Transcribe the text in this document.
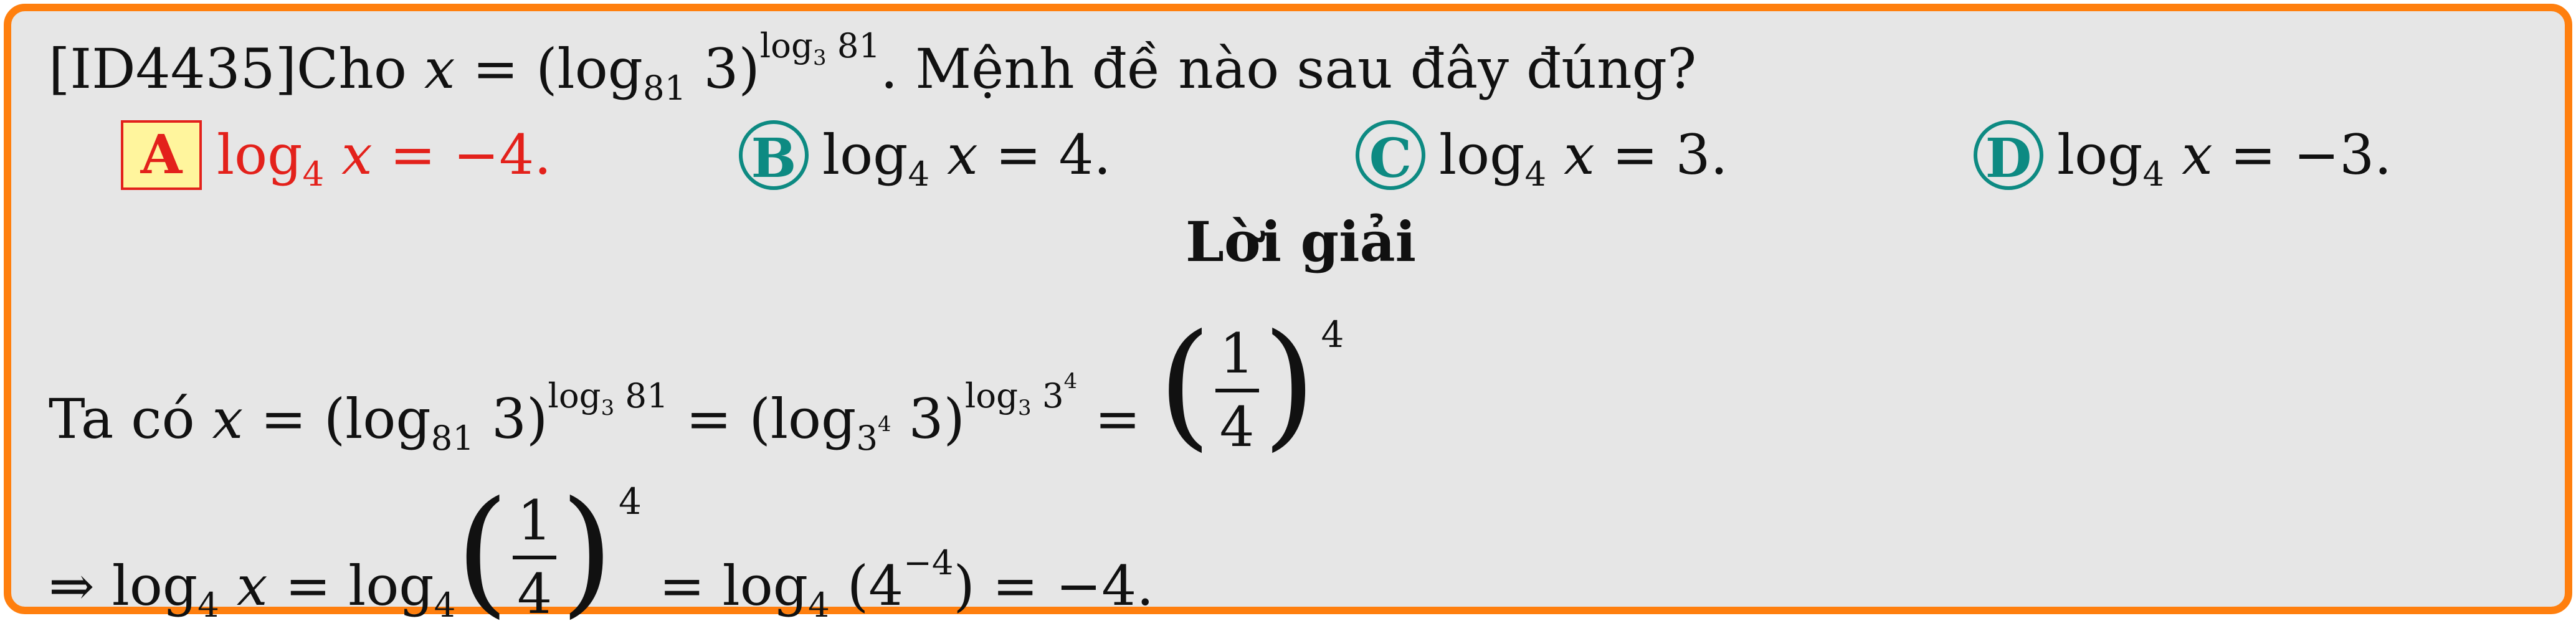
[ID4435]Cho $x = (\log_{81}$ 3)$^{log_3 81}$. Mệnh đề nào sau đây đúng?
A $\log_4 x = -4$.	B $\log_4 x = 4$.	C $\log_4 x = 3$.	D $\log_4 x = -3$.
Lời giải
Ta có $x = (\log_{81}$ $3)^{log_3 81} = (\log_{3^4}$ 3)$^{log_3 3^4}$ = ( 1
4 ) 4
⇒ $\log_4 x = \log_4$ ( 1
4 ) 4
= $\log_4 (4^{-4}) = -4$.
